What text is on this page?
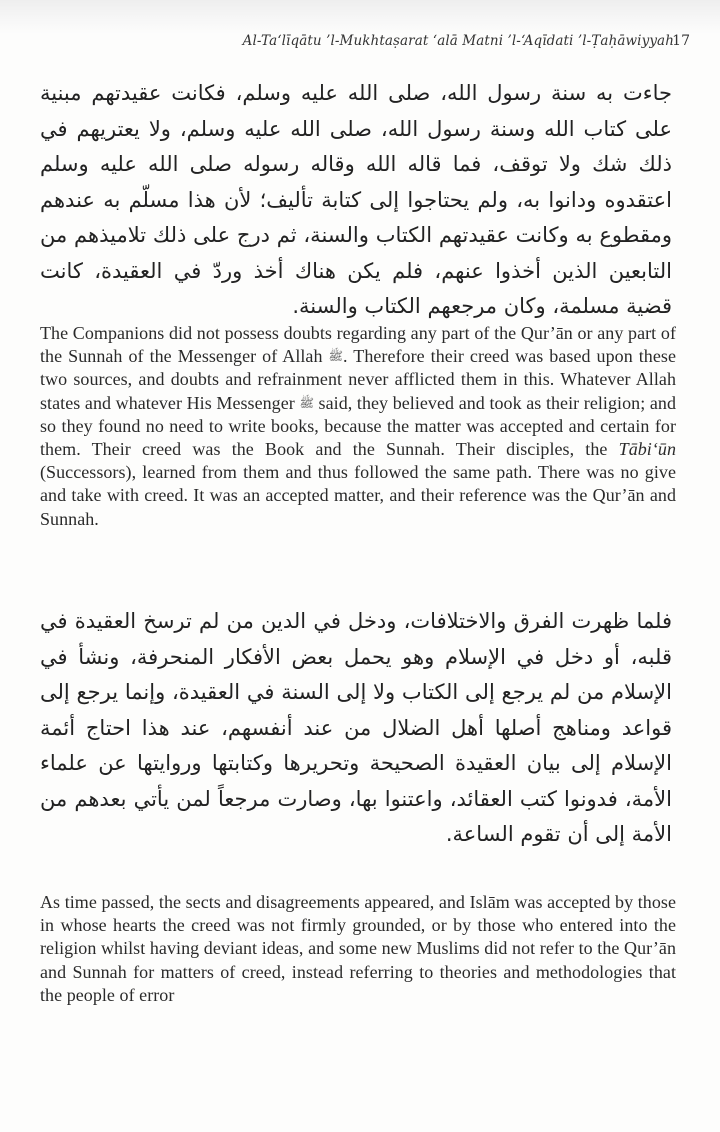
Al-Ta‘līqātu ’l-Mukhtaṣarat ‘alā Matni ’l-‘Aqīdati ’l-Ṭaḥāwiyyah
17

جاءت به سنة رسول الله، صلى الله عليه وسلم، فكانت عقيدتهم مبنية على كتاب الله وسنة رسول الله، صلى الله عليه وسلم، ولا يعتريهم في ذلك شك ولا توقف، فما قاله الله وقاله رسوله صلى الله عليه وسلم اعتقدوه ودانوا به، ولم يحتاجوا إلى كتابة تأليف؛ لأن هذا مسلّم به عندهم ومقطوع به وكانت عقيدتهم الكتاب والسنة، ثم درج على ذلك تلاميذهم من التابعين الذين أخذوا عنهم، فلم يكن هناك أخذ وردّ في العقيدة، كانت قضية مسلمة، وكان مرجعهم الكتاب والسنة.

The Companions did not possess doubts regarding any part of the Qur’ān or any part of the Sunnah of the Messenger of Allah ﷺ. Therefore their creed was based upon these two sources, and doubts and refrainment never afflicted them in this. Whatever Allah states and whatever His Messenger ﷺ said, they believed and took as their religion; and so they found no need to write books, because the matter was accepted and certain for them. Their creed was the Book and the Sunnah. Their disciples, the Tābi‘ūn (Successors), learned from them and thus followed the same path. There was no give and take with creed. It was an accepted matter, and their reference was the Qur’ān and Sunnah.

فلما ظهرت الفرق والاختلافات، ودخل في الدين من لم ترسخ العقيدة في قلبه، أو دخل في الإسلام وهو يحمل بعض الأفكار المنحرفة، ونشأ في الإسلام من لم يرجع إلى الكتاب ولا إلى السنة في العقيدة، وإنما يرجع إلى قواعد ومناهج أصلها أهل الضلال من عند أنفسهم، عند هذا احتاج أئمة الإسلام إلى بيان العقيدة الصحيحة وتحريرها وكتابتها وروايتها عن علماء الأمة، فدونوا كتب العقائد، واعتنوا بها، وصارت مرجعاً لمن يأتي بعدهم من الأمة إلى أن تقوم الساعة.

As time passed, the sects and disagreements appeared, and Islām was accepted by those in whose hearts the creed was not firmly grounded, or by those who entered into the religion whilst having deviant ideas, and some new Muslims did not refer to the Qur’ān and Sunnah for matters of creed, instead referring to theories and methodologies that the people of error
